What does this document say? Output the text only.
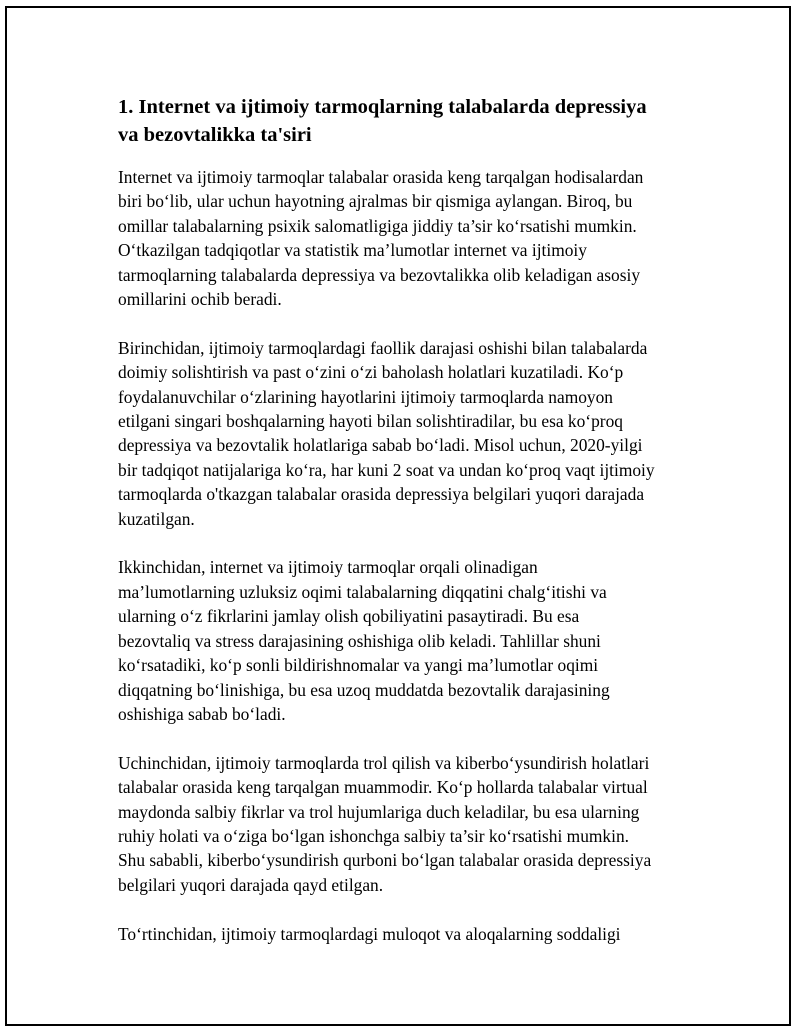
1. Internet va ijtimoiy tarmoqlarning talabalarda depressiya
va bezovtalikka ta'siri

Internet va ijtimoiy tarmoqlar talabalar orasida keng tarqalgan hodisalardan
biri bo‘lib, ular uchun hayotning ajralmas bir qismiga aylangan. Biroq, bu
omillar talabalarning psixik salomatligiga jiddiy ta’sir ko‘rsatishi mumkin.
O‘tkazilgan tadqiqotlar va statistik ma’lumotlar internet va ijtimoiy
tarmoqlarning talabalarda depressiya va bezovtalikka olib keladigan asosiy
omillarini ochib beradi.

Birinchidan, ijtimoiy tarmoqlardagi faollik darajasi oshishi bilan talabalarda
doimiy solishtirish va past o‘zini o‘zi baholash holatlari kuzatiladi. Ko‘p
foydalanuvchilar o‘zlarining hayotlarini ijtimoiy tarmoqlarda namoyon
etilgani singari boshqalarning hayoti bilan solishtiradilar, bu esa ko‘proq
depressiya va bezovtalik holatlariga sabab bo‘ladi. Misol uchun, 2020-yilgi
bir tadqiqot natijalariga ko‘ra, har kuni 2 soat va undan ko‘proq vaqt ijtimoiy
tarmoqlarda o'tkazgan talabalar orasida depressiya belgilari yuqori darajada
kuzatilgan.

Ikkinchidan, internet va ijtimoiy tarmoqlar orqali olinadigan
ma’lumotlarning uzluksiz oqimi talabalarning diqqatini chalg‘itishi va
ularning o‘z fikrlarini jamlay olish qobiliyatini pasaytiradi. Bu esa
bezovtaliq va stress darajasining oshishiga olib keladi. Tahlillar shuni
ko‘rsatadiki, ko‘p sonli bildirishnomalar va yangi ma’lumotlar oqimi
diqqatning bo‘linishiga, bu esa uzoq muddatda bezovtalik darajasining
oshishiga sabab bo‘ladi.

Uchinchidan, ijtimoiy tarmoqlarda trol qilish va kiberbo‘ysundirish holatlari
talabalar orasida keng tarqalgan muammodir. Ko‘p hollarda talabalar virtual
maydonda salbiy fikrlar va trol hujumlariga duch keladilar, bu esa ularning
ruhiy holati va o‘ziga bo‘lgan ishonchga salbiy ta’sir ko‘rsatishi mumkin.
Shu sababli, kiberbo‘ysundirish qurboni bo‘lgan talabalar orasida depressiya
belgilari yuqori darajada qayd etilgan.

To‘rtinchidan, ijtimoiy tarmoqlardagi muloqot va aloqalarning soddaligi
